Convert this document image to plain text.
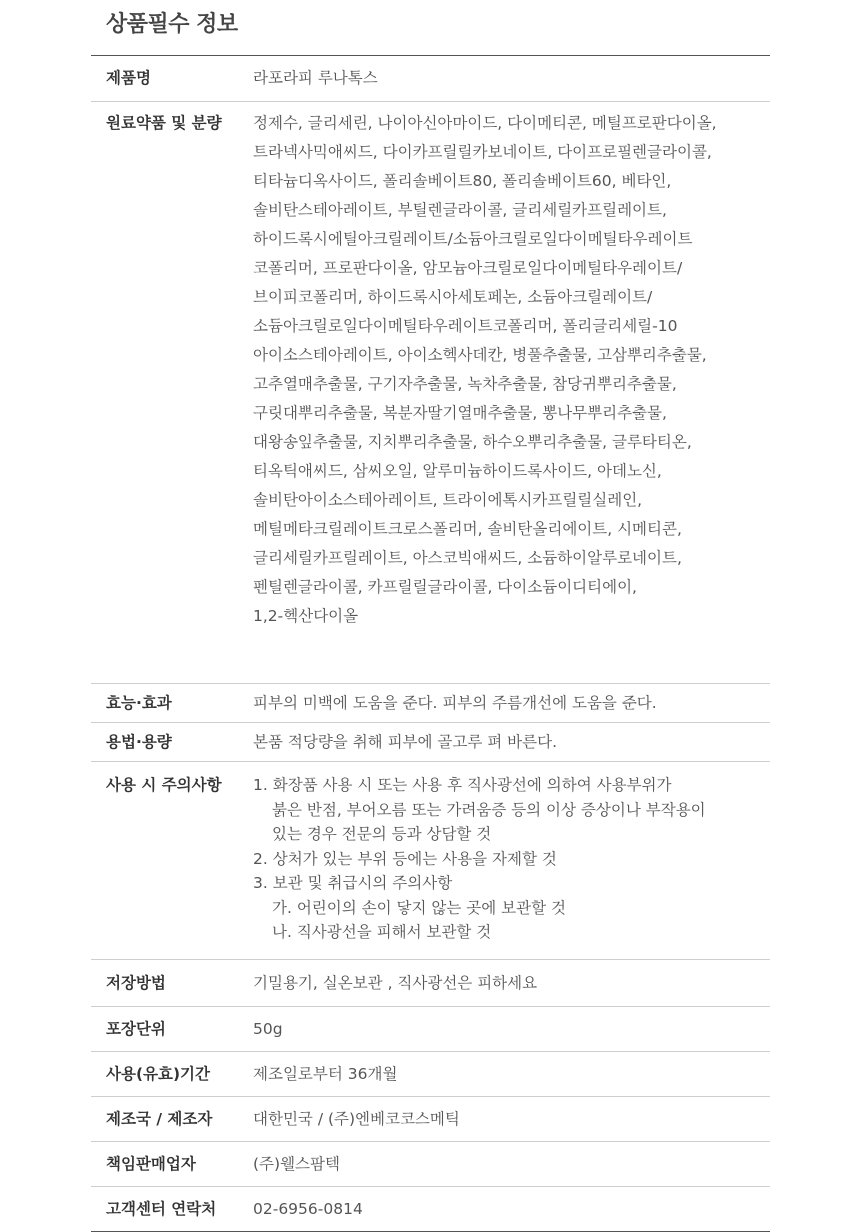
상품필수 정보
제품명	라포라피 루나톡스
원료약품 및 분량	정제수, 글리세린, 나이아신아마이드, 다이메티콘, 메틸프로판다이올,
트라넥사믹애씨드, 다이카프릴릴카보네이트, 다이프로필렌글라이콜,
티타늄디옥사이드, 폴리솔베이트80, 폴리솔베이트60, 베타인,
솔비탄스테아레이트, 부틸렌글라이콜, 글리세릴카프릴레이트,
하이드록시에틸아크릴레이트/소듐아크릴로일다이메틸타우레이트
코폴리머, 프로판다이올, 암모늄아크릴로일다이메틸타우레이트/
브이피코폴리머, 하이드록시아세토페논, 소듐아크릴레이트/
소듐아크릴로일다이메틸타우레이트코폴리머, 폴리글리세릴-10
아이소스테아레이트, 아이소헥사데칸, 병풀추출물, 고삼뿌리추출물,
고추열매추출물, 구기자추출물, 녹차추출물, 참당귀뿌리추출물,
구릿대뿌리추출물, 복분자딸기열매추출물, 뽕나무뿌리추출물,
대왕송잎추출물, 지치뿌리추출물, 하수오뿌리추출물, 글루타티온,
티옥틱애씨드, 삼씨오일, 알루미늄하이드록사이드, 아데노신,
솔비탄아이소스테아레이트, 트라이에톡시카프릴릴실레인,
메틸메타크릴레이트크로스폴리머, 솔비탄올리에이트, 시메티콘,
글리세릴카프릴레이트, 아스코빅애씨드, 소듐하이알루로네이트,
펜틸렌글라이콜, 카프릴릴글라이콜, 다이소듐이디티에이,
1,2-헥산다이올
효능·효과	피부의 미백에 도움을 준다. 피부의 주름개선에 도움을 준다.
용법·용량	본품 적당량을 취해 피부에 골고루 펴 바른다.
사용 시 주의사항	1. 화장품 사용 시 또는 사용 후 직사광선에 의하여 사용부위가
붉은 반점, 부어오름 또는 가려움증 등의 이상 증상이나 부작용이
있는 경우 전문의 등과 상담할 것
2. 상처가 있는 부위 등에는 사용을 자제할 것
3. 보관 및 취급시의 주의사항
가. 어린이의 손이 닿지 않는 곳에 보관할 것
나. 직사광선을 피해서 보관할 것
저장방법	기밀용기, 실온보관 , 직사광선은 피하세요
포장단위	50g
사용(유효)기간	제조일로부터 36개월
제조국 / 제조자	대한민국 / (주)엔베코코스메틱
책임판매업자	(주)웰스팜텍
고객센터 연락처	02-6956-0814
